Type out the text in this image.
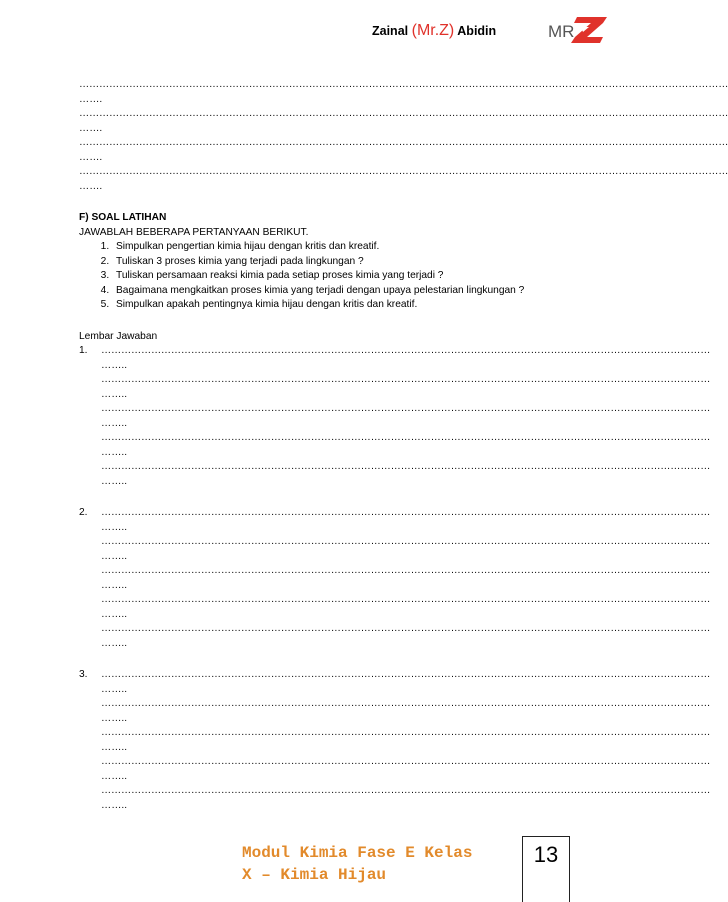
Zainal (Mr.Z) Abidin	MR
……………………………………………………………………………………………………………………………………………………………………………
…….
……………………………………………………………………………………………………………………………………………………………………………
…….
……………………………………………………………………………………………………………………………………………………………………………
…….
……………………………………………………………………………………………………………………………………………………………………………
…….
F) SOAL LATIHAN
JAWABLAH BEBERAPA PERTANYAAN BERIKUT.
1. Simpulkan pengertian kimia hijau dengan kritis dan kreatif.
2. Tuliskan 3 proses kimia yang terjadi pada lingkungan ?
3. Tuliskan persamaan reaksi kimia pada setiap proses kimia yang terjadi ?
4. Bagaimana mengkaitkan proses kimia yang terjadi dengan upaya pelestarian lingkungan ?
5. Simpulkan apakah pentingnya kimia hijau dengan kritis dan kreatif.
Lembar Jawaban
1. …………………………………………………………………………………………………………………………………………………………………
……..
…………………………………………………………………………………………………………………………………………………………………
……..
…………………………………………………………………………………………………………………………………………………………………
……..
…………………………………………………………………………………………………………………………………………………………………
……..
…………………………………………………………………………………………………………………………………………………………………
……..
2. …………………………………………………………………………………………………………………………………………………………………
……..
…………………………………………………………………………………………………………………………………………………………………
……..
…………………………………………………………………………………………………………………………………………………………………
……..
…………………………………………………………………………………………………………………………………………………………………
……..
…………………………………………………………………………………………………………………………………………………………………
……..
3. …………………………………………………………………………………………………………………………………………………………………
……..
…………………………………………………………………………………………………………………………………………………………………
……..
…………………………………………………………………………………………………………………………………………………………………
……..
…………………………………………………………………………………………………………………………………………………………………
……..
…………………………………………………………………………………………………………………………………………………………………
……..
Modul Kimia Fase E Kelas
X – Kimia Hijau
13
